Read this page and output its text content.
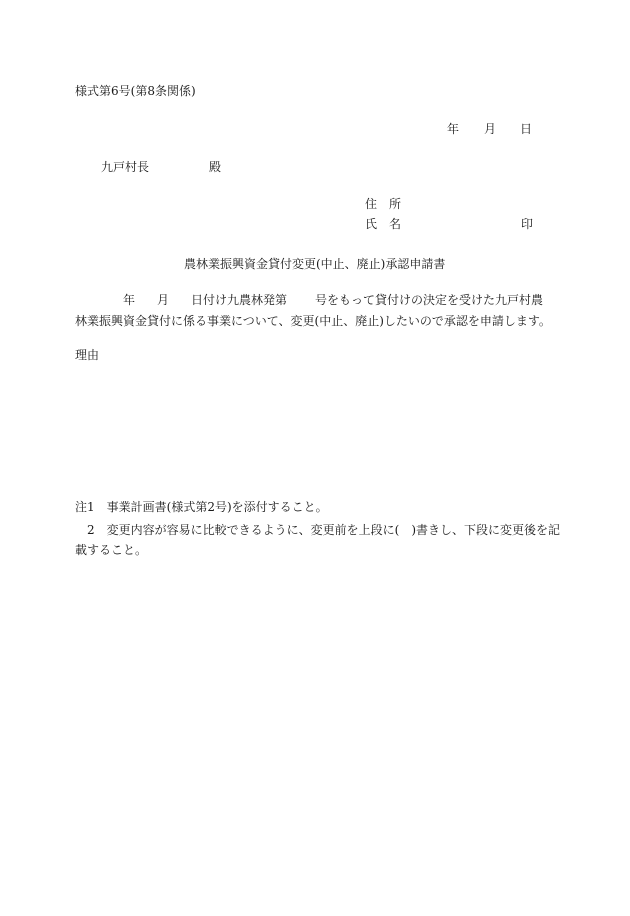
様式第6号(第8条関係)
年 月 日
九戸村長	殿
住　所
氏　名	印
農林業振興資金貸付変更(中止、廃止)承認申請書
年 月 日付け九農林発第 号をもって貸付けの決定を受けた九戸村農
林業振興資金貸付に係る事業について、変更(中止、廃止)したいので承認を申請します。
理由
注1　事業計画書(様式第2号)を添付すること。
　2　変更内容が容易に比較できるように、変更前を上段に(　)書きし、下段に変更後を記
載すること。
